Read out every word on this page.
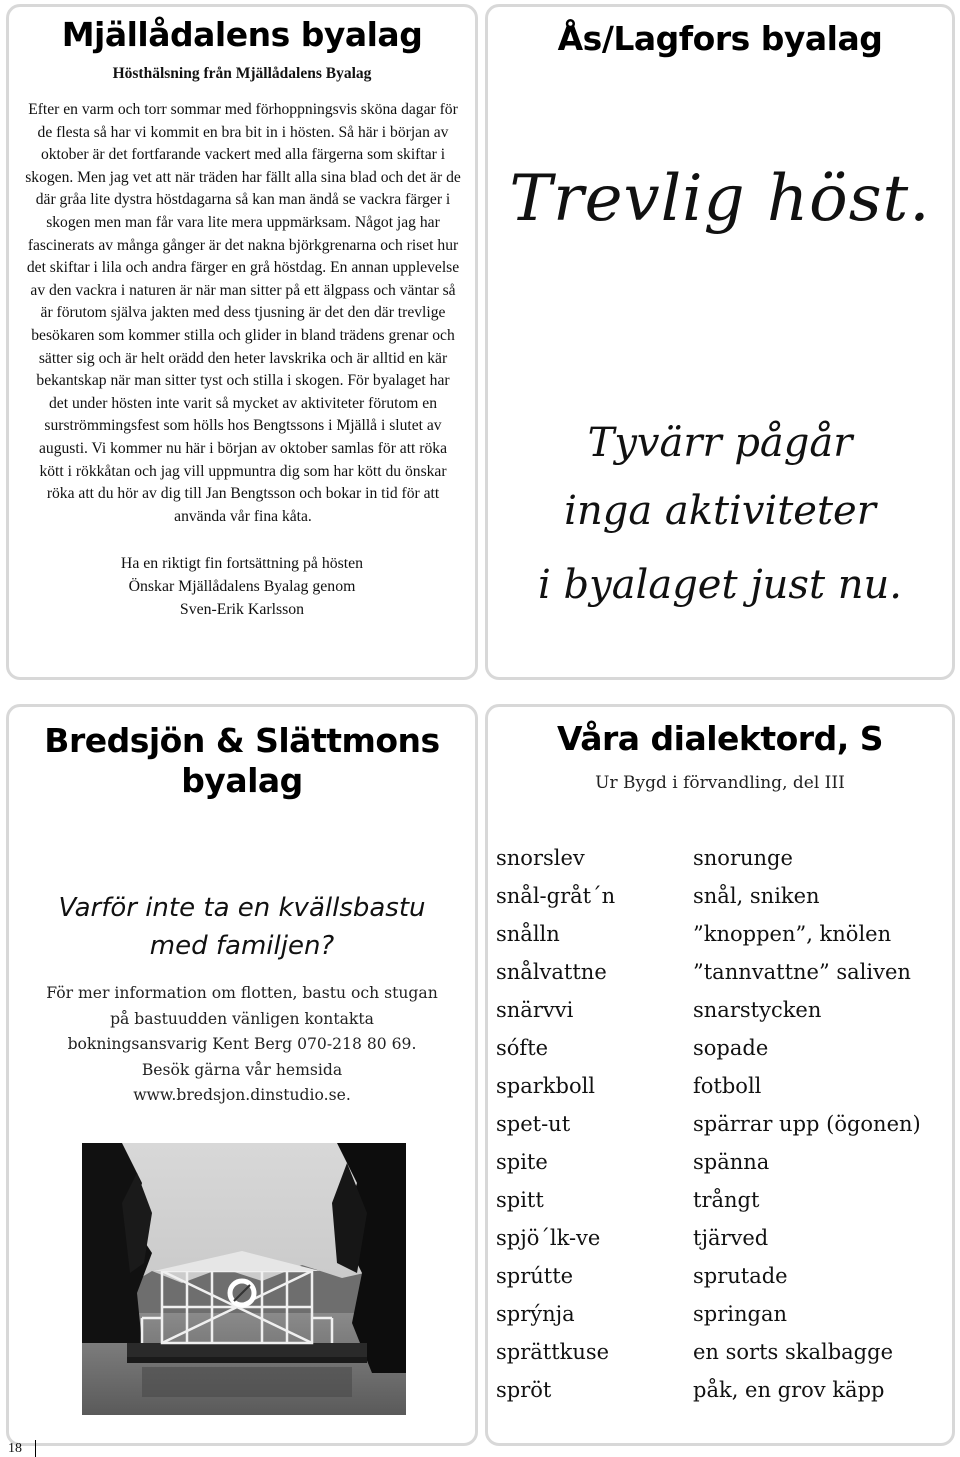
Mjällådalens byalag
Hösthälsning från Mjällådalens Byalag
Efter en varm och torr sommar med förhoppningsvis sköna dagar för de flesta så har vi kommit en bra bit in i hösten. Så här i början av oktober är det fortfarande vackert med alla färgerna som skiftar i skogen. Men jag vet att när träden har fällt alla sina blad och det är de där gråa lite dystra höstdagarna så kan man ändå se vackra färger i skogen men man får vara lite mera uppmärksam. Något jag har fascinerats av många gånger är det nakna björkgrenarna och riset hur det skiftar i lila och andra färger en grå höstdag. En annan upplevelse av den vackra i naturen är när man sitter på ett älgpass och väntar så är förutom själva jakten med dess tjusning är det den där trevlige besökaren som kommer stilla och glider in bland trädens grenar och sätter sig och är helt orädd den heter lavskrika och är alltid en kär bekantskap när man sitter tyst och stilla i skogen. För byalaget har det under hösten inte varit så mycket av aktiviteter förutom en surströmmingsfest som hölls hos Bengtssons i Mjällå i slutet av augusti. Vi kommer nu här i början av oktober samlas för att röka kött i rökkåtan och jag vill uppmuntra dig som har kött du önskar röka att du hör av dig till Jan Bengtsson och bokar in tid för att använda vår fina kåta.
Ha en riktigt fin fortsättning på hösten
Önskar Mjällådalens Byalag genom
Sven-Erik Karlsson
Ås/Lagfors byalag
Trevlig höst.
Tyvärr pågår
inga aktiviteter
i byalaget just nu.
Bredsjön & Slättmons
byalag
Varför inte ta en kvällsbastu
med familjen?
För mer information om flotten, bastu och stugan
på bastuudden vänligen kontakta
bokningsansvarig Kent Berg 070-218 80 69.
Besök gärna vår hemsida
www.bredsjon.dinstudio.se.
Våra dialektord, S
Ur Bygd i förvandling, del III
snorslev	snorunge
snål-gråt´n	snål, sniken
snålln	”knoppen”, knölen
snålvattne	”tannvattne” saliven
snärvvi	snarstycken
sófte	sopade
sparkboll	fotboll
spet-ut	spärrar upp (ögonen)
spite	spänna
spitt	trångt
spjö´lk-ve	tjärved
sprútte	sprutade
sprýnja	springan
sprättkuse	en sorts skalbagge
spröt	påk, en grov käpp
18
